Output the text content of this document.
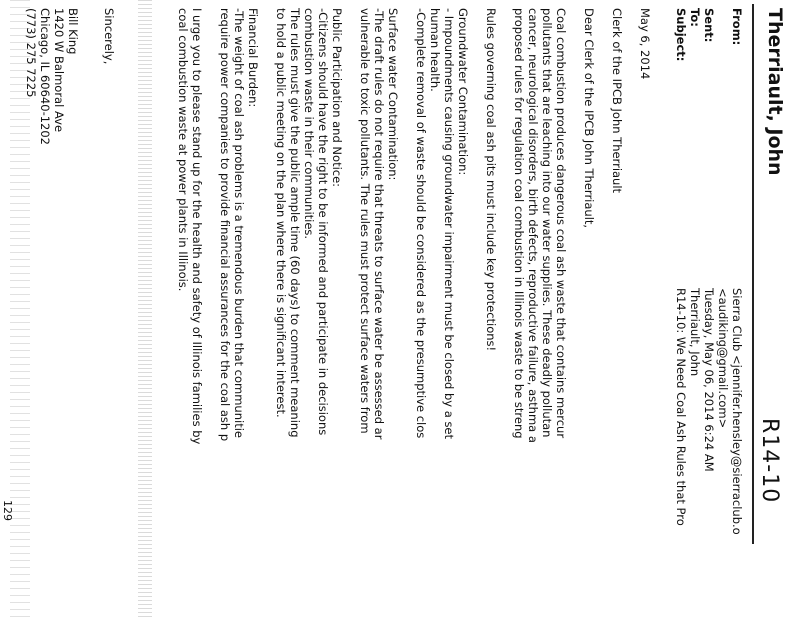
Therriault, John
R14-10
From:
Sierra Club <jennifer.hensley@sierraclub.o
<audiking@gmail.com>
Sent:
Tuesday, May 06, 2014 6:24 AM
To:
Therriault, John
Subject:
R14-10: We Need Coal Ash Rules that Pro
May 6, 2014
Clerk of the IPCB John Therriault
Dear Clerk of the IPCB John Therriault,
Coal combustion produces dangerous coal ash waste that contains mercur
pollutants that are leaching into our water supplies. These deadly pollutan
cancer, neurological disorders, birth defects, reproductive failure, asthma a
proposed rules for regulation coal combustion in Illinois waste to be streng
Rules governing coal ash pits must include key protections!
Groundwater Contamination:
- Impoundments causing groundwater impairment must be closed by a set
human health.
-Complete removal of waste should be considered as the presumptive clos
Surface water Contamination:
-The draft rules do not require that threats to surface water be assessed ar
vulnerable to toxic pollutants. The rules must protect surface waters from
Public Participation and Notice:
-Citizens should have the right to be informed and participate in decisions
combustion waste in their communities.
The rules must give the public ample time (60 days) to comment meaning
to hold a public meeting on the plan where there is significant interest.
Financial Burden:
-The weight of coal ash problems is a tremendous burden that communitie
require power companies to provide financial assurances for the coal ash p
I urge you to please stand up for the health and safety of Illinois families by
coal combustion waste at power plants in Illinois.
Sincerely,
Bill King
1420 W Balmoral Ave
Chicago, IL 60640-1202
(773) 275 7225
129
